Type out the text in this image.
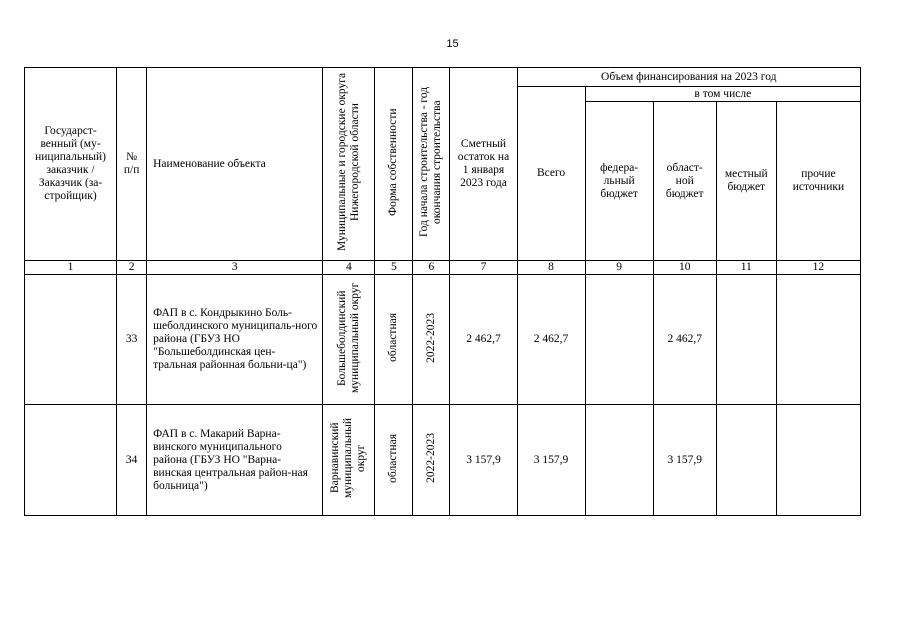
15
Государст-венный (му-ниципальный) заказчик / Заказчик (за-стройщик)	№ п/п	Наименование объекта	Муниципальные и городские округа Нижегородской области	Форма собственности	Год начала строительства - год окончания строительства	Сметный остаток на 1 января 2023 года	Объем финансирования на 2023 год				
							Всего	в том числе			

								федера-льный бюджет	област-ной бюджет	местный бюджет	прочие источники

1	2	3	4	5	6	7	8	9	10	11	12
	33	ФАП в с. Кондрыкино Боль-шеболдинского муниципаль-ного района (ГБУЗ НО "Большеболдинская цен-тральная районная больни-ца")	Большеболдинский муниципальный округ	областная	2022-2023	2 462,7	2 462,7		2 462,7		
	34	ФАП в с. Макарий Варна-винского муниципального района (ГБУЗ НО "Варна-винская центральная район-ная больница")	Варнавинский муниципальный округ	областная	2022-2023	3 157,9	3 157,9		3 157,9		
